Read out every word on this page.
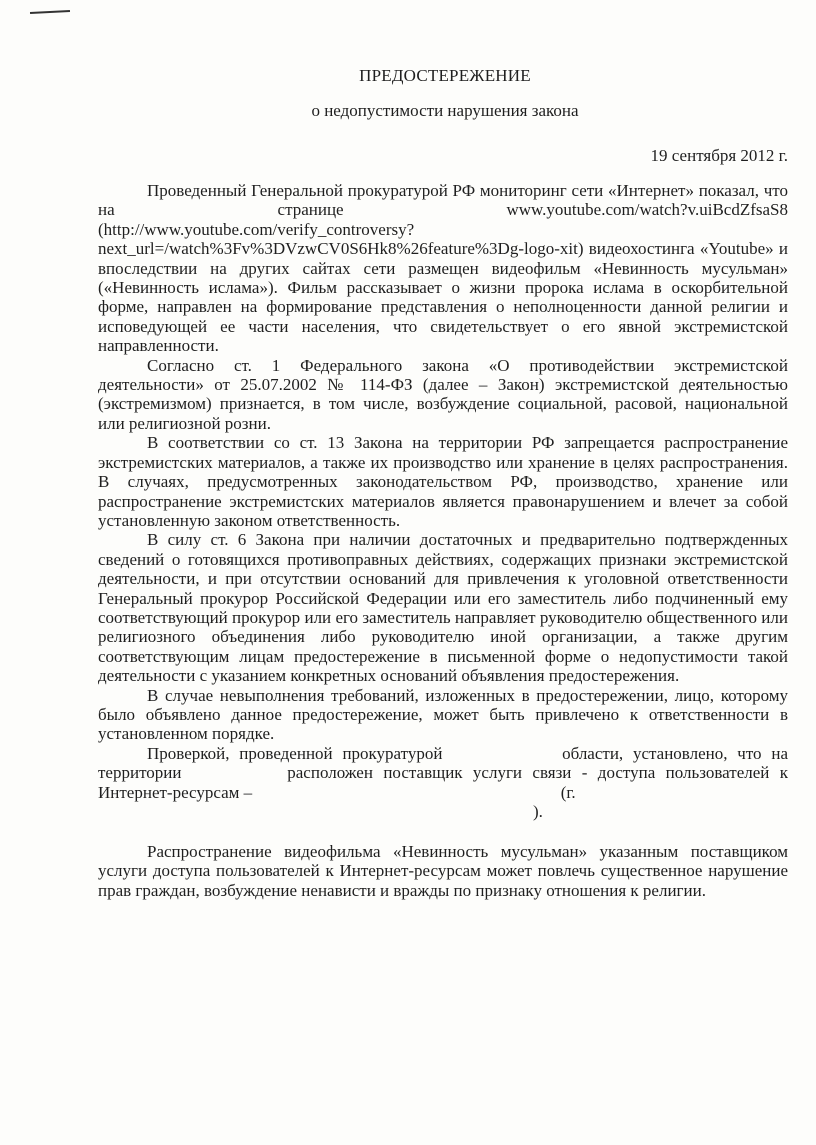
ПРЕДОСТЕРЕЖЕНИЕ
о недопустимости нарушения закона
19 сентября 2012 г.

Проведенный Генеральной прокуратурой РФ мониторинг сети «Интернет» показал, что на странице www.youtube.com/watch?v.uiBcdZfsaS8 (http://www.youtube.com/verify_controversy?next_url=/watch%3Fv%3DVzwCV0S6Hk8%26feature%3Dg-logo-xit) видеохостинга «Youtube» и впоследствии на других сайтах сети размещен видеофильм «Невинность мусульман» («Невинность ислама»). Фильм рассказывает о жизни пророка ислама в оскорбительной форме, направлен на формирование представления о неполноценности данной религии и исповедующей ее части населения, что свидетельствует о его явной экстремистской направленности.

Согласно ст. 1 Федерального закона «О противодействии экстремистской деятельности» от 25.07.2002 № 114-ФЗ (далее – Закон) экстремистской деятельностью (экстремизмом) признается, в том числе, возбуждение социальной, расовой, национальной или религиозной розни.

В соответствии со ст. 13 Закона на территории РФ запрещается распространение экстремистских материалов, а также их производство или хранение в целях распространения. В случаях, предусмотренных законодательством РФ, производство, хранение или распространение экстремистских материалов является правонарушением и влечет за собой установленную законом ответственность.

В силу ст. 6 Закона при наличии достаточных и предварительно подтвержденных сведений о готовящихся противоправных действиях, содержащих признаки экстремистской деятельности, и при отсутствии оснований для привлечения к уголовной ответственности Генеральный прокурор Российской Федерации или его заместитель либо подчиненный ему соответствующий прокурор или его заместитель направляет руководителю общественного или религиозного объединения либо руководителю иной организации, а также другим соответствующим лицам предостережение в письменной форме о недопустимости такой деятельности с указанием конкретных оснований объявления предостережения.

В случае невыполнения требований, изложенных в предостережении, лицо, которому было объявлено данное предостережение, может быть привлечено к ответственности в установленном порядке.

Проверкой, проведенной прокуратурой	области, установлено, что на территории	расположен поставщик услуги связи - доступа пользователей к Интернет-ресурсам –	(г.
).

Распространение видеофильма «Невинность мусульман» указанным поставщиком услуги доступа пользователей к Интернет-ресурсам может повлечь существенное нарушение прав граждан, возбуждение ненависти и вражды по признаку отношения к религии.
